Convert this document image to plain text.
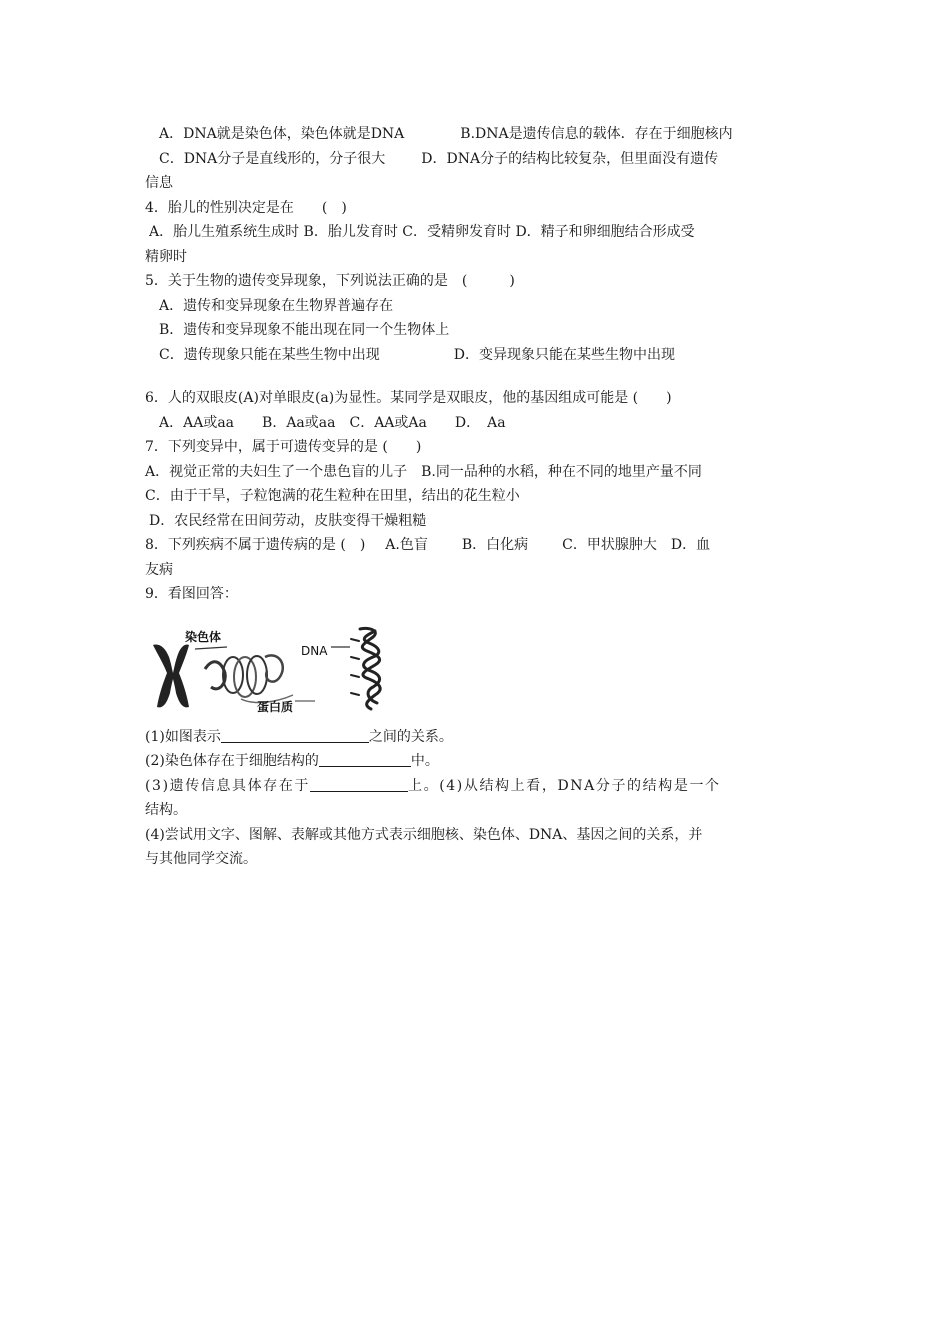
A．DNA就是染色体，染色体就是DNA	B.DNA是遗传信息的载体．存在于细胞核内
C．DNA分子是直线形的，分子很大	D．DNA分子的结构比较复杂，但里面没有遗传
信息
4．胎儿的性别决定是在　　(　)
A．胎儿生殖系统生成时 B．胎儿发育时 C．受精卵发育时 D．精子和卵细胞结合形成受
精卵时
5．关于生物的遗传变异现象，下列说法正确的是　(　　　)
A．遗传和变异现象在生物界普遍存在
B．遗传和变异现象不能出现在同一个生物体上
C．遗传现象只能在某些生物中出现	D．变异现象只能在某些生物中出现
6．人的双眼皮(A)对单眼皮(a)为显性。某同学是双眼皮，他的基因组成可能是 (　　)
A．AA或aa B．Aa或aa C．AA或Aa D．　Aa
7．下列变异中，属于可遗传变异的是 (　　)
A．视觉正常的夫妇生了一个患色盲的儿子 B.同一品种的水稻，种在不同的地里产量不同
C．由于干旱，子粒饱满的花生粒种在田里，结出的花生粒小
D．农民经常在田间劳动，皮肤变得干燥粗糙
8．下列疾病不属于遗传病的是 (　) A.色盲 B．白化病 C．甲状腺肿大 D．血
友病
9．看图回答：
染色体
DNA
蛋白质
(1)如图表示	之间的关系。
(2)染色体存在于细胞结构的	中。
(3)遗传信息具体存在于	上。(4)从结构上看，DNA分子的结构是一个
结构。
(4)尝试用文字、图解、表解或其他方式表示细胞核、染色体、DNA、基因之间的关系，并
与其他同学交流。
